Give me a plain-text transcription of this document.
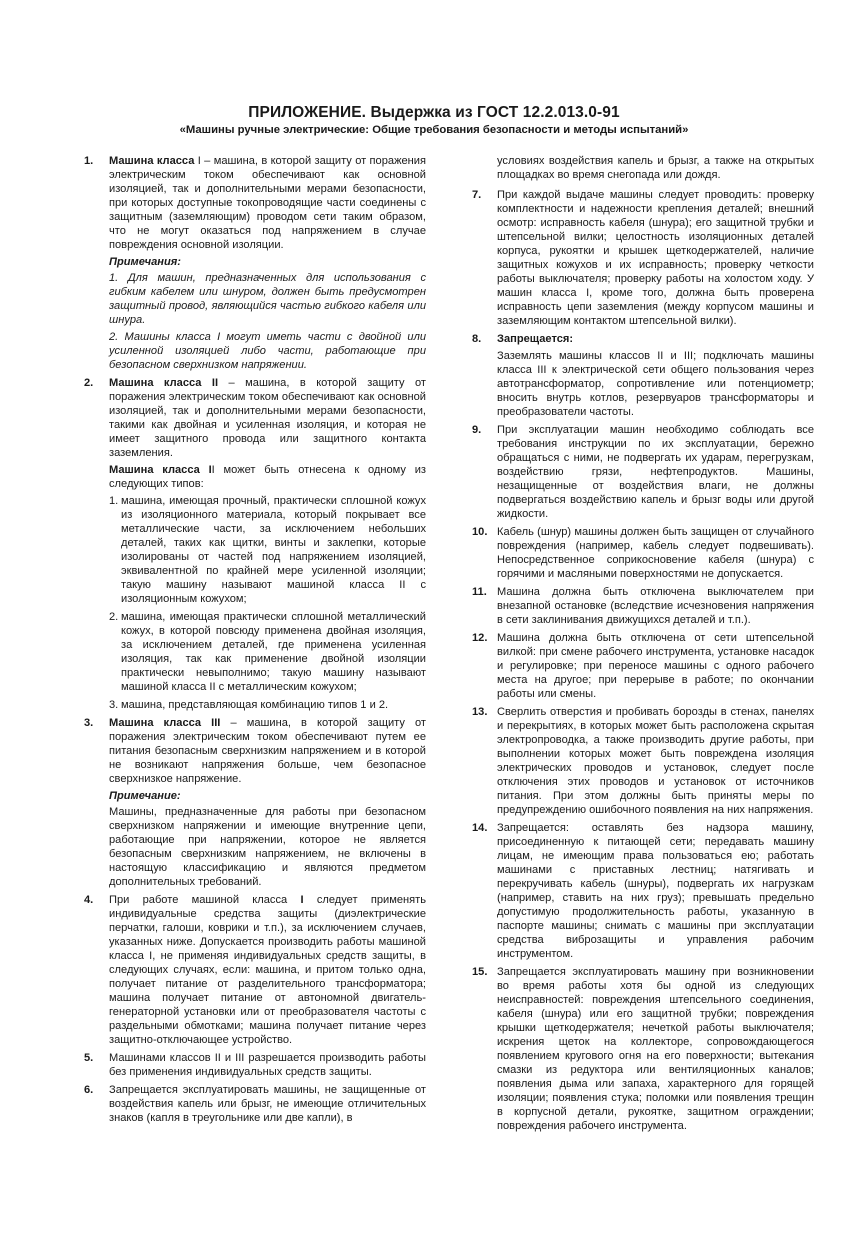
ПРИЛОЖЕНИЕ. Выдержка из ГОСТ 12.2.013.0-91
«Машины ручные электрические: Общие требования безопасности и методы испытаний»
1. Машина класса I – машина, в которой защиту от поражения электрическим током обеспечивают как основной изоляцией, так и дополнительными мерами безопасности, при которых доступные токопроводящие части соединены с защитным (заземляющим) проводом сети таким образом, что не могут оказаться под напряжением в случае повреждения основной изоляции.

Примечания:

1. Для машин, предназначенных для использования с гибким кабелем или шнуром, должен быть предусмотрен защитный провод, являющийся частью гибкого кабеля или шнура.

2. Машины класса I могут иметь части с двойной или усиленной изоляцией либо части, работающие при безопасном сверхнизком напряжении.

2. Машина класса II – машина, в которой защиту от поражения электрическим током обеспечивают как основной изоляцией, так и дополнительными мерами безопасности, такими как двойная и усиленная изоляция, и которая не имеет защитного провода или защитного контакта заземления.

Машина класса II может быть отнесена к одному из следующих типов:

1. машина, имеющая прочный, практически сплошной кожух из изоляционного материала, который покрывает все металлические части, за исключением небольших деталей, таких как щитки, винты и заклепки, которые изолированы от частей под напряжением изоляцией, эквивалентной по крайней мере усиленной изоляции; такую машину называют машиной класса II с изоляционным кожухом;
2. машина, имеющая практически сплошной металлический кожух, в которой повсюду применена двойная изоляция, за исключением деталей, где применена усиленная изоляция, так как применение двойной изоляции практически невыполнимо; такую машину называют машиной класса II с металлическим кожухом;
3. машина, представляющая комбинацию типов 1 и 2.
3. Машина класса III – машина, в которой защиту от поражения электрическим током обеспечивают путем ее питания безопасным сверхнизким напряжением и в которой не возникают напряжения больше, чем безопасное сверхнизкое напряжение.

Примечание:

Машины, предназначенные для работы при безопасном сверхнизком напряжении и имеющие внутренние цепи, работающие при напряжении, которое не является безопасным сверхнизким напряжением, не включены в настоящую классификацию и являются предметом дополнительных требований.

4. При работе машиной класса I следует применять индивидуальные средства защиты (диэлектрические перчатки, галоши, коврики и т.п.), за исключением случаев, указанных ниже. Допускается производить работы машиной класса I, не применяя индивидуальных средств защиты, в следующих случаях, если: машина, и притом только одна, получает питание от разделительного трансформатора; машина получает питание от автономной двигатель-генераторной установки или от преобразователя частоты с раздельными обмотками; машина получает питание через защитно-отключающее устройство.

5. Машинами классов II и III разрешается производить работы без применения индивидуальных средств защиты.

6. Запрещается эксплуатировать машины, не защищенные от воздействия капель или брызг, не имеющие отличительных знаков (капля в треугольнике или две капли), в

условиях воздействия капель и брызг, а также на открытых площадках во время снегопада или дождя.

7. При каждой выдаче машины следует проводить: проверку комплектности и надежности крепления деталей; внешний осмотр: исправность кабеля (шнура); его защитной трубки и штепсельной вилки; целостность изоляционных деталей корпуса, рукоятки и крышек щеткодержателей, наличие защитных кожухов и их исправность; проверку четкости работы выключателя; проверку работы на холостом ходу. У машин класса I, кроме того, должна быть проверена исправность цепи заземления (между корпусом машины и заземляющим контактом штепсельной вилки).

8. Запрещается:

Заземлять машины классов II и III; подключать машины класса III к электрической сети общего пользования через автотрансформатор, сопротивление или потенциометр; вносить внутрь котлов, резервуаров трансформаторы и преобразователи частоты.

9. При эксплуатации машин необходимо соблюдать все требования инструкции по их эксплуатации, бережно обращаться с ними, не подвергать их ударам, перегрузкам, воздействию грязи, нефтепродуктов. Машины, незащищенные от воздействия влаги, не должны подвергаться воздействию капель и брызг воды или другой жидкости.

10. Кабель (шнур) машины должен быть защищен от случайного повреждения (например, кабель следует подвешивать). Непосредственное соприкосновение кабеля (шнура) с горячими и масляными поверхностями не допускается.

11. Машина должна быть отключена выключателем при внезапной остановке (вследствие исчезновения напряжения в сети заклинивания движущихся деталей и т.п.).

12. Машина должна быть отключена от сети штепсельной вилкой: при смене рабочего инструмента, установке насадок и регулировке; при переносе машины с одного рабочего места на другое; при перерыве в работе; по окончании работы или смены.

13. Сверлить отверстия и пробивать борозды в стенах, панелях и перекрытиях, в которых может быть расположена скрытая электропроводка, а также производить другие работы, при выполнении которых может быть повреждена изоляция электрических проводов и установок, следует после отключения этих проводов и установок от источников питания. При этом должны быть приняты меры по предупреждению ошибочного появления на них напряжения.

14. Запрещается: оставлять без надзора машину, присоединенную к питающей сети; передавать машину лицам, не имеющим права пользоваться ею; работать машинами с приставных лестниц; натягивать и перекручивать кабель (шнуры), подвергать их нагрузкам (например, ставить на них груз); превышать предельно допустимую продолжительность работы, указанную в паспорте машины; снимать с машины при эксплуатации средства виброзащиты и управления рабочим инструментом.

15. Запрещается эксплуатировать машину при возникновении во время работы хотя бы одной из следующих неисправностей: повреждения штепсельного соединения, кабеля (шнура) или его защитной трубки; повреждения крышки щеткодержателя; нечеткой работы выключателя; искрения щеток на коллекторе, сопровождающегося появлением кругового огня на его поверхности; вытекания смазки из редуктора или вентиляционных каналов; появления дыма или запаха, характерного для горящей изоляции; появления стука; поломки или появления трещин в корпусной детали, рукоятке, защитном ограждении; повреждения рабочего инструмента.
